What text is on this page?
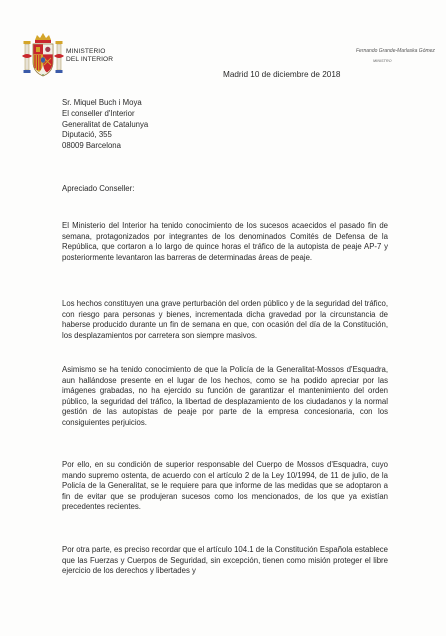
MINISTERIO
DEL INTERIOR
Fernando Grande-Marlaska Gómez
MINISTRO
Madrid 10 de diciembre de 2018
Sr. Miquel Buch i Moya
El conseller d'Interior
Generalitat de Catalunya
Diputació, 355
08009 Barcelona
Apreciado Conseller:
El Ministerio del Interior ha tenido conocimiento de los sucesos acaecidos el pasado fin de semana, protagonizados por integrantes de los denominados Comités de Defensa de la República, que cortaron a lo largo de quince horas el tráfico de la autopista de peaje AP-7 y posteriormente levantaron las barreras de determinadas áreas de peaje.
Los hechos constituyen una grave perturbación del orden público y de la seguridad del tráfico, con riesgo para personas y bienes, incrementada dicha gravedad por la circunstancia de haberse producido durante un fin de semana en que, con ocasión del día de la Constitución, los desplazamientos por carretera son siempre masivos.
Asimismo se ha tenido conocimiento de que la Policía de la Generalitat-Mossos d'Esquadra, aun hallándose presente en el lugar de los hechos, como se ha podido apreciar por las imágenes grabadas, no ha ejercido su función de garantizar el mantenimiento del orden público, la seguridad del tráfico, la libertad de desplazamiento de los ciudadanos y la normal gestión de las autopistas de peaje por parte de la empresa concesionaria, con los consiguientes perjuicios.
Por ello, en su condición de superior responsable del Cuerpo de Mossos d'Esquadra, cuyo mando supremo ostenta, de acuerdo con el artículo 2 de la Ley 10/1994, de 11 de julio, de la Policía de la Generalitat, se le requiere para que informe de las medidas que se adoptaron a fin de evitar que se produjeran sucesos como los mencionados, de los que ya existían precedentes recientes.
Por otra parte, es preciso recordar que el artículo 104.1 de la Constitución Española establece que las Fuerzas y Cuerpos de Seguridad, sin excepción, tienen como misión proteger el libre ejercicio de los derechos y libertades y
